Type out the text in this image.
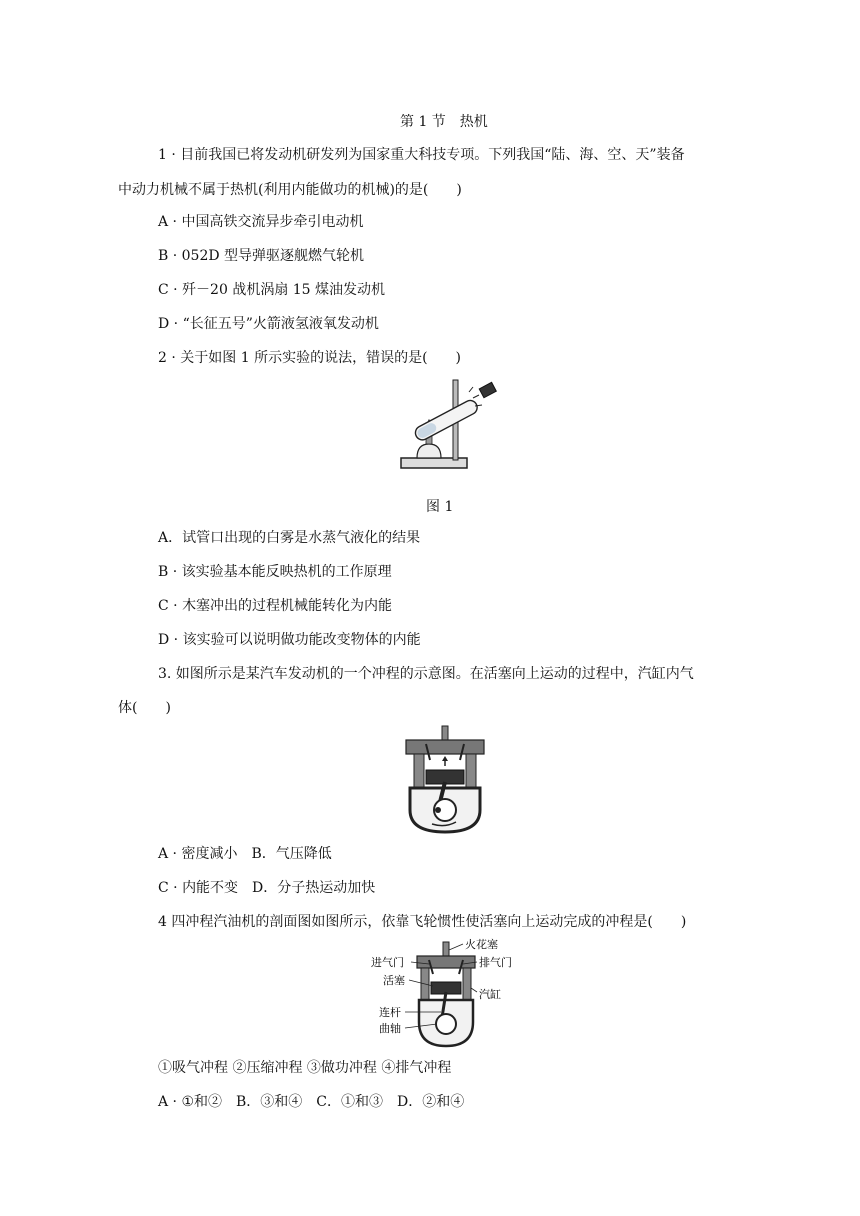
第 1 节　热机
1 · 目前我国已将发动机研发列为国家重大科技专项。下列我国“陆、海、空、天”装备
中动力机械不属于热机(利用内能做功的机械)的是(　　)
A · 中国高铁交流异步牵引电动机
B · 052D 型导弹驱逐舰燃气轮机
C · 歼－20 战机涡扇 15 煤油发动机
D · “长征五号”火箭液氢液氧发动机
2 · 关于如图 1 所示实验的说法，错误的是(　　)
图 1
A．试管口出现的白雾是水蒸气液化的结果
B · 该实验基本能反映热机的工作原理
C · 木塞冲出的过程机械能转化为内能
D · 该实验可以说明做功能改变物体的内能
3. 如图所示是某汽车发动机的一个冲程的示意图。在活塞向上运动的过程中，汽缸内气
体(　　)
A · 密度减小　B．气压降低
C · 内能不变　D．分子热运动加快
4 四冲程汽油机的剖面图如图所示，依靠飞轮惯性使活塞向上运动完成的冲程是(　　)
火花塞
进气门	排气门
活塞
汽缸
连杆
曲轴
①吸气冲程 ②压缩冲程 ③做功冲程 ④排气冲程
A · ①和②　B．③和④　C．①和③　D．②和④
